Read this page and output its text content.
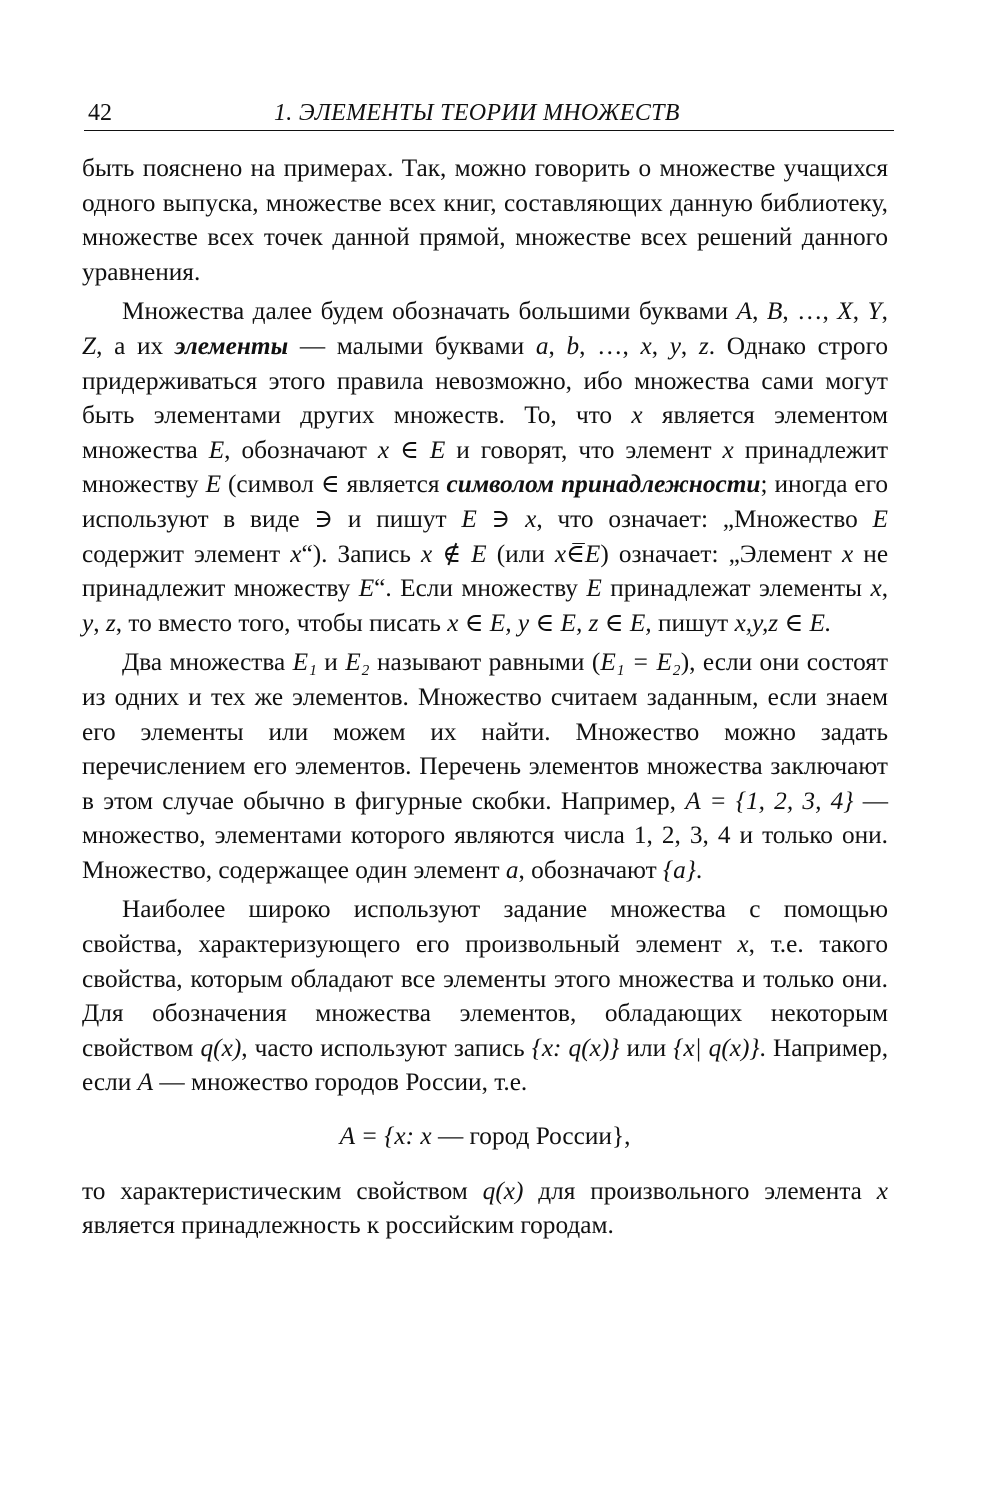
42	1. ЭЛЕМЕНТЫ ТЕОРИИ МНОЖЕСТВ

быть пояснено на примерах. Так, можно говорить о множестве учащихся одного выпуска, множестве всех книг, составляющих данную библиотеку, множестве всех точек данной прямой, множестве всех решений данного уравнения.

Множества далее будем обозначать большими буквами A, B, …, X, Y, Z, а их элементы — малыми буквами a, b, …, x, y, z. Однако строго придерживаться этого правила невозможно, ибо множества сами могут быть элементами других множеств. То, что x является элементом множества E, обозначают x ∈ E и говорят, что элемент x принадлежит множеству E (символ ∈ является символом принадлежности; иногда его используют в виде ∋ и пишут E ∋ x, что означает: „Множество E содержит элемент x“). Запись x ∉ E (или x∈̅E) означает: „Элемент x не принадлежит множеству E“. Если множеству E принадлежат элементы x, y, z, то вместо того, чтобы писать x ∈ E, y ∈ E, z ∈ E, пишут x,y,z ∈ E.

Два множества E₁ и E₂ называют равными (E₁ = E₂), если они состоят из одних и тех же элементов. Множество считаем заданным, если знаем его элементы или можем их найти. Множество можно задать перечислением его элементов. Перечень элементов множества заключают в этом случае обычно в фигурные скобки. Например, A = {1, 2, 3, 4} — множество, элементами которого являются числа 1, 2, 3, 4 и только они. Множество, содержащее один элемент a, обозначают {a}.

Наиболее широко используют задание множества с помощью свойства, характеризующего его произвольный элемент x, т.е. такого свойства, которым обладают все элементы этого множества и только они. Для обозначения множества элементов, обладающих некоторым свойством q(x), часто используют запись {x: q(x)} или {x| q(x)}. Например, если A — множество городов России, т.е.

A = {x: x — город России},

то характеристическим свойством q(x) для произвольного элемента x является принадлежность к российским городам.
